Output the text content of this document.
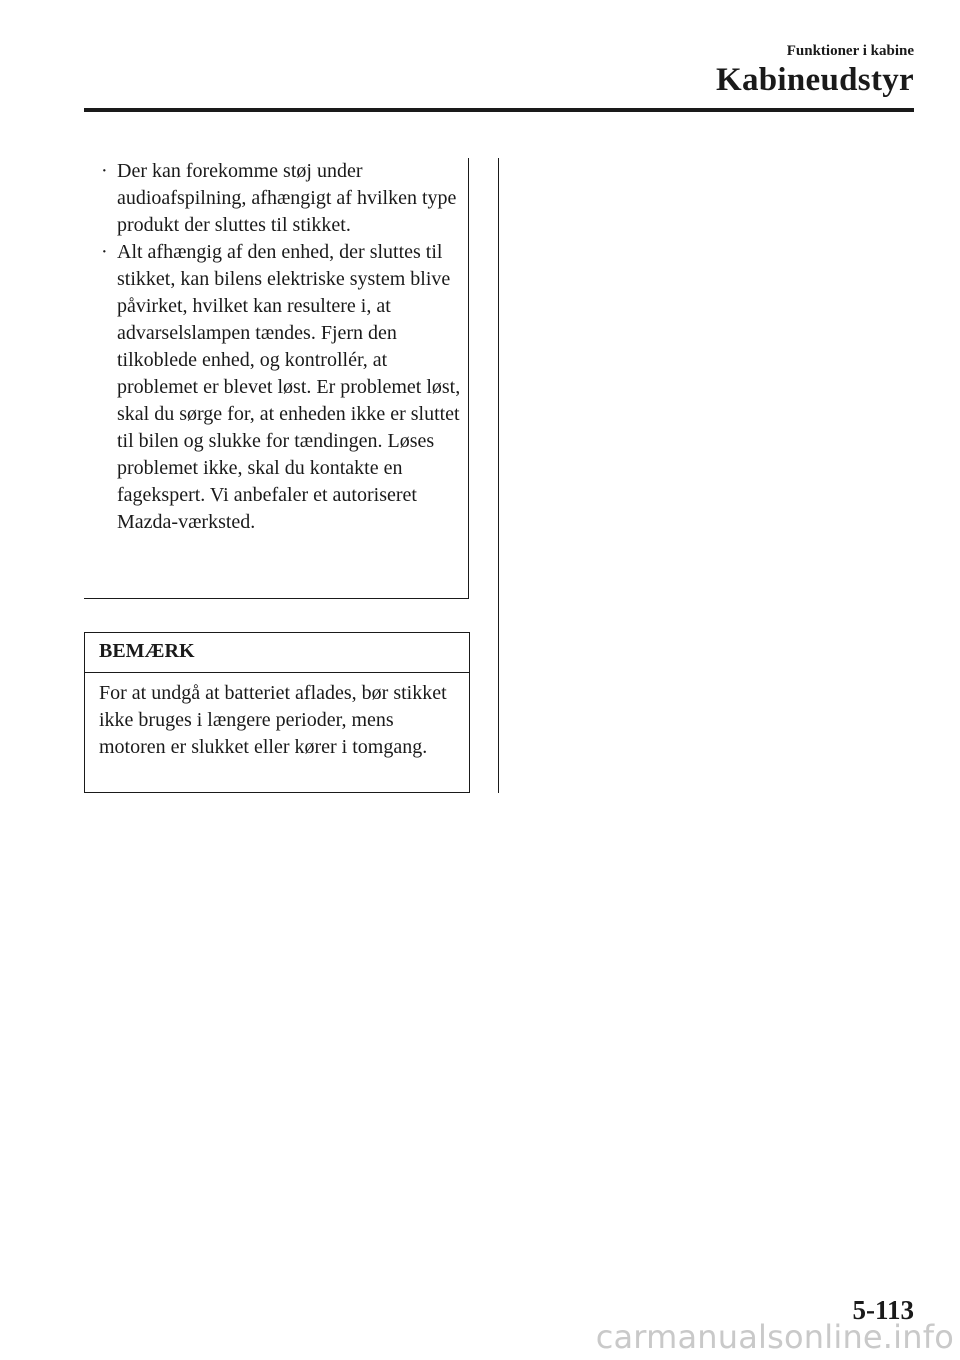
Funktioner i kabine
Kabineudstyr
· Der kan forekomme støj under audioafspilning, afhængigt af hvilken type produkt der sluttes til stikket.
· Alt afhængig af den enhed, der sluttes til stikket, kan bilens elektriske system blive påvirket, hvilket kan resultere i, at advarselslampen tændes. Fjern den tilkoblede enhed, og kontrollér, at problemet er blevet løst. Er problemet løst, skal du sørge for, at enheden ikke er sluttet til bilen og slukke for tændingen. Løses problemet ikke, skal du kontakte en fagekspert. Vi anbefaler et autoriseret Mazda-værksted.
BEMÆRK
For at undgå at batteriet aflades, bør stikket ikke bruges i længere perioder, mens motoren er slukket eller kører i tomgang.
5-113
carmanualsonline.info
